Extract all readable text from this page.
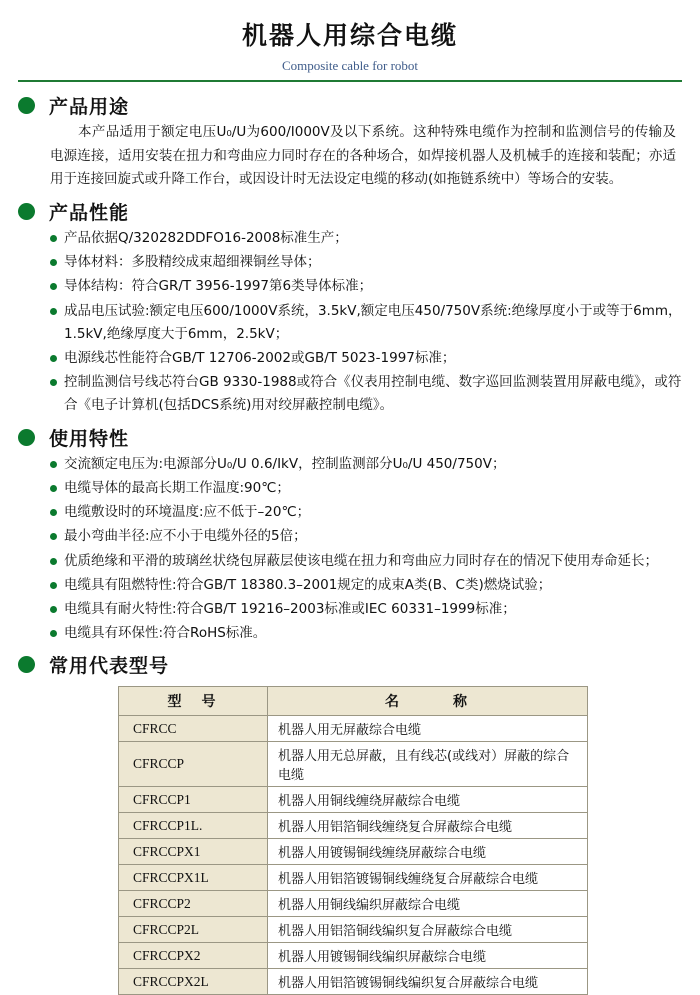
机器人用综合电缆
Composite cable for robot
产品用途
本产品适用于额定电压U₀/U为600/I000V及以下系统。这种特殊电缆作为控制和监测信号的传输及电源连接，适用安装在扭力和弯曲应力同时存在的各种场合，如焊接机器人及机械手的连接和装配；亦适用于连接回旋式或升降工作台，或因设计时无法设定电缆的移动(如拖链系统中）等场合的安装。
产品性能
产品依据Q/320282DDFO16-2008标准生产；
导体材料：多股精绞成束超细裸铜丝导体；
导体结构：符合GR/T 3956-1997第6类导体标准；
成品电压试验:额定电压600/1000V系统，3.5kV,额定电压450/750V系统:绝缘厚度小于或等于6mm，1.5kV,绝缘厚度大于6mm，2.5kV；
电源线芯性能符合GB/T 12706-2002或GB/T 5023-1997标准；
控制监测信号线芯符台GB 9330-1988或符合《仪表用控制电缆、数字巡回监测装置用屏蔽电缆》，或符合《电子计算机(包括DCS系统)用对绞屏蔽控制电缆》。
使用特性
交流额定电压为:电源部分U₀/U 0.6/IkV，控制监测部分U₀/U 450/750V；
电缆导体的最高长期工作温度:90℃；
电缆敷设时的环境温度:应不低于–20℃；
最小弯曲半径:应不小于电缆外径的5倍；
优质绝缘和平滑的玻璃丝状绕包屏蔽层使该电缆在扭力和弯曲应力同时存在的情况下使用寿命延长；
电缆具有阻燃特性:符合GB/T 18380.3–2001规定的成束A类(B、C类)燃烧试验；
电缆具有耐火特性:符合GB/T 19216–2003标准或IEC 60331–1999标准；
电缆具有环保性:符合RoHS标准。
常用代表型号
型　号	名　　　称
CFRCC	机器人用无屏蔽综合电缆
CFRCCP	机器人用无总屏蔽，且有线芯(或线对）屏蔽的综合电缆
CFRCCP1	机器人用铜线缠绕屏蔽综合电缆
CFRCCP1L.	机器人用铝箔铜线缠绕复合屏蔽综合电缆
CFRCCPX1	机器人用镀锡铜线缠绕屏蔽综合电缆
CFRCCPX1L	机器人用铝箔镀锡铜线缠绕复合屏蔽综合电缆
CFRCCP2	机器人用铜线编织屏蔽综合电缆
CFRCCP2L	机器人用铝箔铜线编织复合屏蔽综合电缆
CFRCCPX2	机器人用镀锡铜线编织屏蔽综合电缆
CFRCCPX2L	机器人用铝箔镀锡铜线编织复合屏蔽综合电缆
